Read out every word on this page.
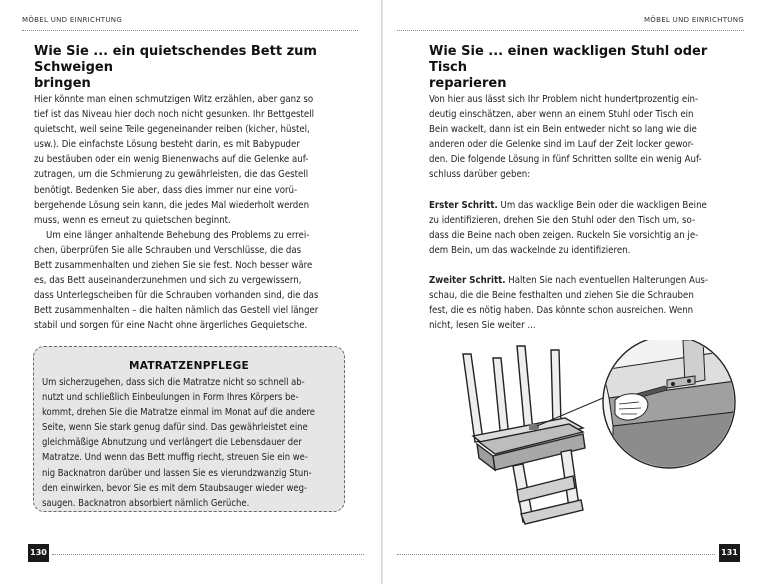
MÖBEL UND EINRICHTUNG
Wie Sie ... ein quietschendes Bett zum Schweigen
bringen

Hier könnte man einen schmutzigen Witz erzählen, aber ganz so

tief ist das Niveau hier doch noch nicht gesunken. Ihr Bettgestell

quietscht, weil seine Teile gegeneinander reiben (kicher, hüstel,

usw.). Die einfachste Lösung besteht darin, es mit Babypuder

zu bestäuben oder ein wenig Bienenwachs auf die Gelenke auf-

zutragen, um die Schmierung zu gewährleisten, die das Gestell

benötigt. Bedenken Sie aber, dass dies immer nur eine vorü-

bergehende Lösung sein kann, die jedes Mal wiederholt werden

muss, wenn es erneut zu quietschen beginnt.

Um eine länger anhaltende Behebung des Problems zu errei-

chen, überprüfen Sie alle Schrauben und Verschlüsse, die das

Bett zusammenhalten und ziehen Sie sie fest. Noch besser wäre

es, das Bett auseinanderzunehmen und sich zu vergewissern,

dass Unterlegscheiben für die Schrauben vorhanden sind, die das

Bett zusammenhalten – die halten nämlich das Gestell viel länger

stabil und sorgen für eine Nacht ohne ärgerliches Gequietsche.

MATRATZENPFLEGE
Um sicherzugehen, dass sich die Matratze nicht so schnell ab-
nutzt und schließlich Einbeulungen in Form Ihres Körpers be-
kommt, drehen Sie die Matratze einmal im Monat auf die andere
Seite, wenn Sie stark genug dafür sind. Das gewährleistet eine
gleichmäßige Abnutzung und verlängert die Lebensdauer der
Matratze. Und wenn das Bett muffig riecht, streuen Sie ein we-
nig Backnatron darüber und lassen Sie es vierundzwanzig Stun-
den einwirken, bevor Sie es mit dem Staubsauger wieder weg-
saugen. Backnatron absorbiert nämlich Gerüche.
130
MÖBEL UND EINRICHTUNG
Wie Sie ... einen wackligen Stuhl oder Tisch
reparieren

Von hier aus lässt sich Ihr Problem nicht hundertprozentig ein-

deutig einschätzen, aber wenn an einem Stuhl oder Tisch ein

Bein wackelt, dann ist ein Bein entweder nicht so lang wie die

anderen oder die Gelenke sind im Lauf der Zeit locker gewor-

den. Die folgende Lösung in fünf Schritten sollte ein wenig Auf-

schluss darüber geben:

Erster Schritt. Um das wacklige Bein oder die wackligen Beine

zu identifizieren, drehen Sie den Stuhl oder den Tisch um, so-

dass die Beine nach oben zeigen. Ruckeln Sie vorsichtig an je-

dem Bein, um das wackelnde zu identifizieren.

Zweiter Schritt. Halten Sie nach eventuellen Halterungen Aus-

schau, die die Beine festhalten und ziehen Sie die Schrauben

fest, die es nötig haben. Das könnte schon ausreichen. Wenn

nicht, lesen Sie weiter ...

131
